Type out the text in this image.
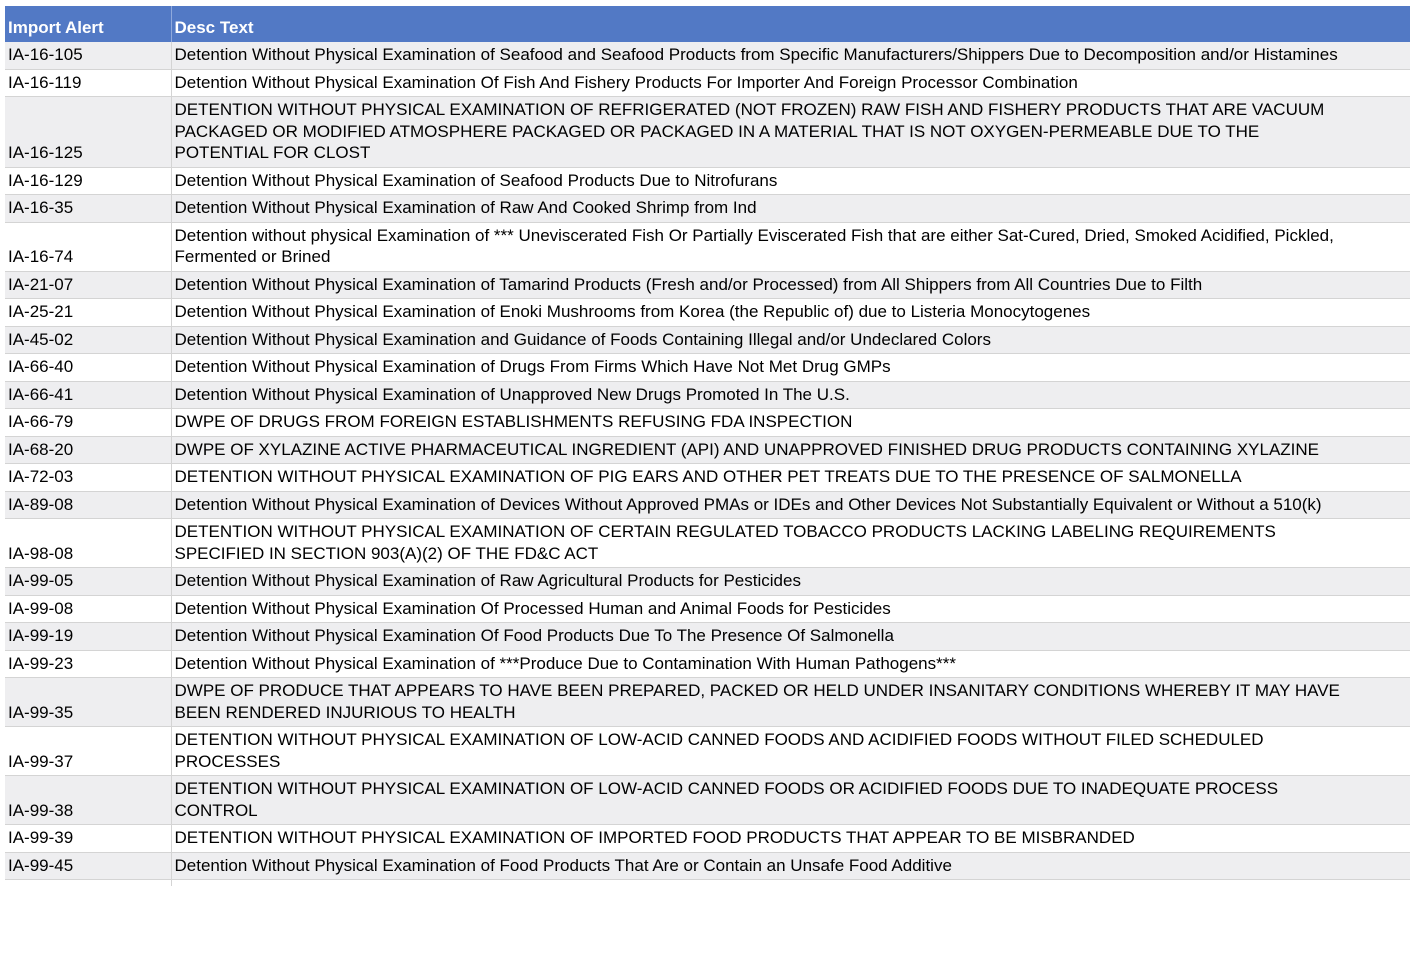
Import Alert	Desc Text
IA-16-105	Detention Without Physical Examination of Seafood and Seafood Products from Specific Manufacturers/Shippers Due to Decomposition and/or Histamines
IA-16-119	Detention Without Physical Examination Of Fish And Fishery Products For Importer And Foreign Processor Combination
IA-16-125	DETENTION WITHOUT PHYSICAL EXAMINATION OF REFRIGERATED (NOT FROZEN) RAW FISH AND FISHERY PRODUCTS THAT ARE VACUUM PACKAGED OR MODIFIED ATMOSPHERE PACKAGED OR PACKAGED IN A MATERIAL THAT IS NOT OXYGEN-PERMEABLE DUE TO THE POTENTIAL FOR CLOST
IA-16-129	Detention Without Physical Examination of Seafood Products Due to Nitrofurans
IA-16-35	Detention Without Physical Examination of Raw And Cooked Shrimp from Ind
IA-16-74	Detention without physical Examination of *** Uneviscerated Fish Or Partially Eviscerated Fish that are either Sat-Cured, Dried, Smoked Acidified, Pickled, Fermented or Brined
IA-21-07	Detention Without Physical Examination of Tamarind Products (Fresh and/or Processed) from All Shippers from All Countries Due to Filth
IA-25-21	Detention Without Physical Examination of Enoki Mushrooms from Korea (the Republic of) due to Listeria Monocytogenes
IA-45-02	Detention Without Physical Examination and Guidance of Foods Containing Illegal and/or Undeclared Colors
IA-66-40	Detention Without Physical Examination of Drugs From Firms Which Have Not Met Drug GMPs
IA-66-41	Detention Without Physical Examination of Unapproved New Drugs Promoted In The U.S.
IA-66-79	DWPE OF DRUGS FROM FOREIGN ESTABLISHMENTS REFUSING FDA INSPECTION
IA-68-20	DWPE OF XYLAZINE ACTIVE PHARMACEUTICAL INGREDIENT (API) AND UNAPPROVED FINISHED DRUG PRODUCTS CONTAINING XYLAZINE
IA-72-03	DETENTION WITHOUT PHYSICAL EXAMINATION OF PIG EARS AND OTHER PET TREATS DUE TO THE PRESENCE OF SALMONELLA
IA-89-08	Detention Without Physical Examination of Devices Without Approved PMAs or IDEs and Other Devices Not Substantially Equivalent or Without a 510(k)
IA-98-08	DETENTION WITHOUT PHYSICAL EXAMINATION OF CERTAIN REGULATED TOBACCO PRODUCTS LACKING LABELING REQUIREMENTS SPECIFIED IN SECTION 903(A)(2) OF THE FD&C ACT
IA-99-05	Detention Without Physical Examination of Raw Agricultural Products for Pesticides
IA-99-08	Detention Without Physical Examination Of Processed Human and Animal Foods for Pesticides
IA-99-19	Detention Without Physical Examination Of Food Products Due To The Presence Of Salmonella
IA-99-23	Detention Without Physical Examination of ***Produce Due to Contamination With Human Pathogens***
IA-99-35	DWPE OF PRODUCE THAT APPEARS TO HAVE BEEN PREPARED, PACKED OR HELD UNDER INSANITARY CONDITIONS WHEREBY IT MAY HAVE BEEN RENDERED INJURIOUS TO HEALTH
IA-99-37	DETENTION WITHOUT PHYSICAL EXAMINATION OF LOW-ACID CANNED FOODS AND ACIDIFIED FOODS WITHOUT FILED SCHEDULED PROCESSES
IA-99-38	DETENTION WITHOUT PHYSICAL EXAMINATION OF LOW-ACID CANNED FOODS OR ACIDIFIED FOODS DUE TO INADEQUATE PROCESS CONTROL
IA-99-39	DETENTION WITHOUT PHYSICAL EXAMINATION OF IMPORTED FOOD PRODUCTS THAT APPEAR TO BE MISBRANDED
IA-99-45	Detention Without Physical Examination of Food Products That Are or Contain an Unsafe Food Additive
